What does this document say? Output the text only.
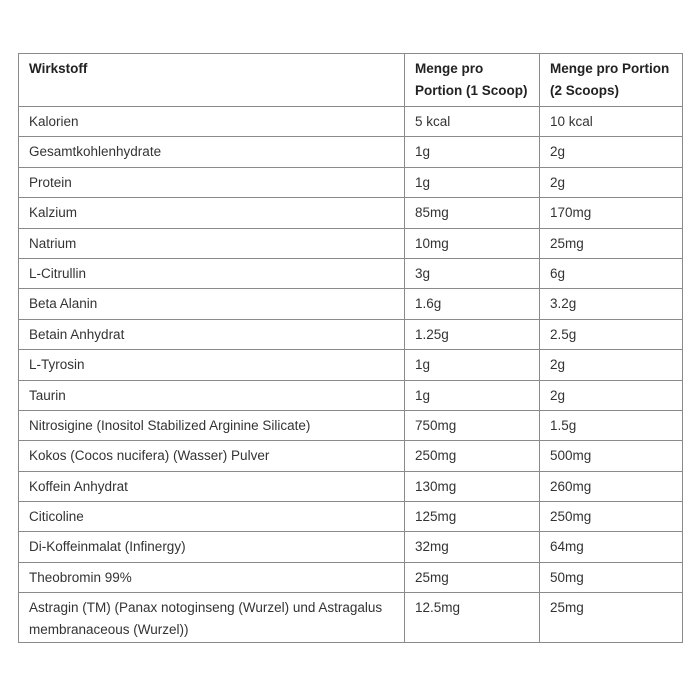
Wirkstoff	Menge pro Portion (1 Scoop)	Menge pro Portion (2 Scoops)
Kalorien	5 kcal	10 kcal
Gesamtkohlenhydrate	1g	2g
Protein	1g	2g
Kalzium	85mg	170mg
Natrium	10mg	25mg
L-Citrullin	3g	6g
Beta Alanin	1.6g	3.2g
Betain Anhydrat	1.25g	2.5g
L-Tyrosin	1g	2g
Taurin	1g	2g
Nitrosigine (Inositol Stabilized Arginine Silicate)	750mg	1.5g
Kokos (Cocos nucifera) (Wasser) Pulver	250mg	500mg
Koffein Anhydrat	130mg	260mg
Citicoline	125mg	250mg
Di-Koffeinmalat (Infinergy)	32mg	64mg
Theobromin 99%	25mg	50mg
Astragin (TM) (Panax notoginseng (Wurzel) und Astragalus membranaceous (Wurzel))	12.5mg	25mg
